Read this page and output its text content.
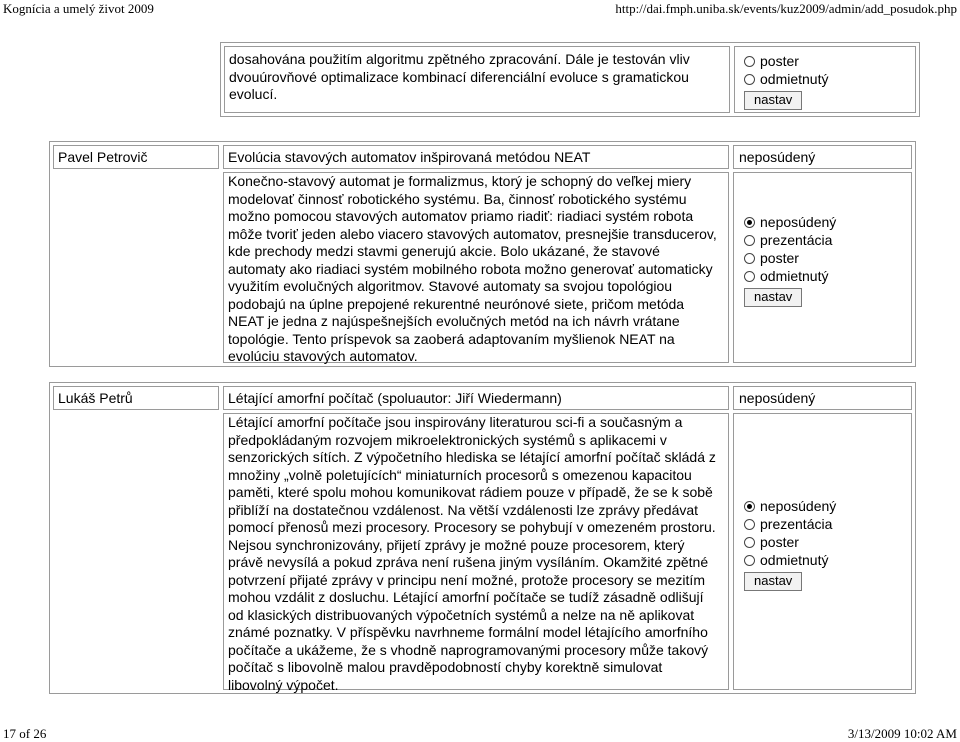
Kognícia a umelý život 2009	http://dai.fmph.uniba.sk/events/kuz2009/admin/add_posudok.php
dosahována použitím algoritmu zpětného zpracování. Dále je testován vliv dvouúrovňové optimalizace kombinací diferenciální evoluce s gramatickou evolucí.
poster
odmietnutý
nastav
Pavel Petrovič	Evolúcia stavových automatov inšpirovaná metódou NEAT	neposúdený
Konečno-stavový automat je formalizmus, ktorý je schopný do veľkej miery modelovať činnosť robotického systému. Ba, činnosť robotického systému možno pomocou stavových automatov priamo riadiť: riadiaci systém robota môže tvoriť jeden alebo viacero stavových automatov, presnejšie transducerov, kde prechody medzi stavmi generujú akcie. Bolo ukázané, že stavové automaty ako riadiaci systém mobilného robota možno generovať automaticky využitím evolučných algoritmov. Stavové automaty sa svojou topológiou podobajú na úplne prepojené rekurentné neurónové siete, pričom metóda NEAT je jedna z najúspešnejších evolučných metód na ich návrh vrátane topológie. Tento príspevok sa zaoberá adaptovaním myšlienok NEAT na evolúciu stavových automatov.
neposúdený
prezentácia
poster
odmietnutý
nastav
Lukáš Petrů	Létající amorfní počítač (spoluautor: Jiří Wiedermann)	neposúdený
Létající amorfní počítače jsou inspirovány literaturou sci-fi a současným a předpokládaným rozvojem mikroelektronických systémů s aplikacemi v senzorických sítích. Z výpočetního hlediska se létající amorfní počítač skládá z množiny „volně poletujících“ miniaturních procesorů s omezenou kapacitou paměti, které spolu mohou komunikovat rádiem pouze v případě, že se k sobě přiblíží na dostatečnou vzdálenost. Na větší vzdálenosti lze zprávy předávat pomocí přenosů mezi procesory. Procesory se pohybují v omezeném prostoru. Nejsou synchronizovány, přijetí zprávy je možné pouze procesorem, který právě nevysílá a pokud zpráva není rušena jiným vysíláním. Okamžité zpětné potvrzení přijaté zprávy v principu není možné, protože procesory se mezitím mohou vzdálit z dosluchu. Létající amorfní počítače se tudíž zásadně odlišují od klasických distribuovaných výpočetních systémů a nelze na ně aplikovat známé poznatky. V příspěvku navrhneme formální model létajícího amorfního počítače a ukážeme, že s vhodně naprogramovanými procesory může takový počítač s libovolně malou pravděpodobností chyby korektně simulovat libovolný výpočet.
neposúdený
prezentácia
poster
odmietnutý
nastav
17 of 26	3/13/2009 10:02 AM
